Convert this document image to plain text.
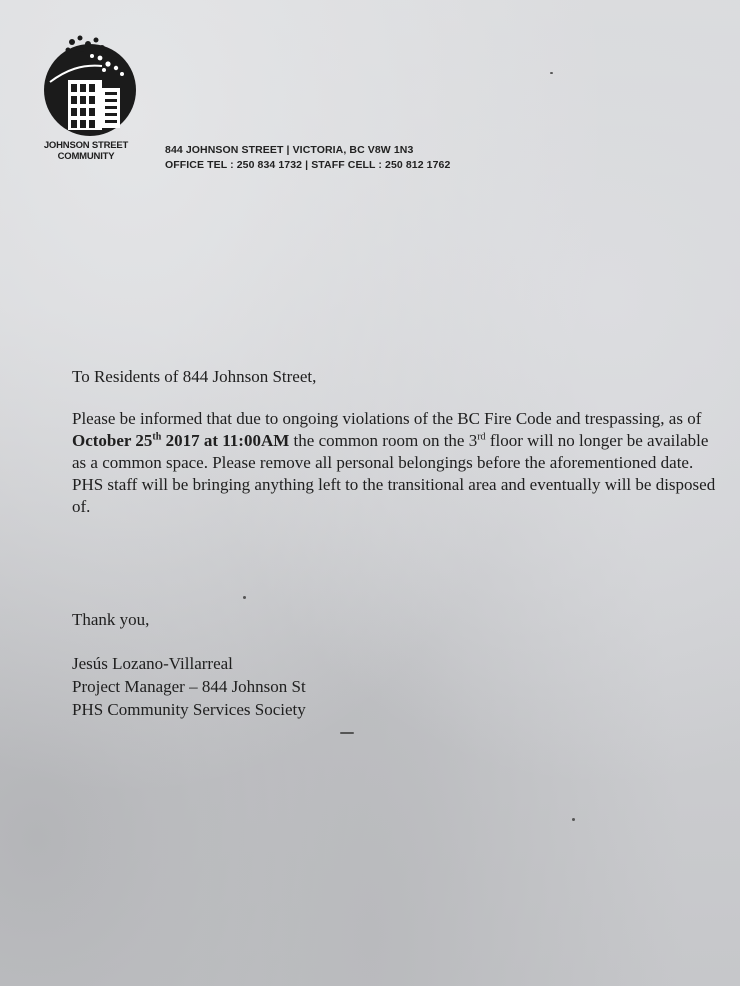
JOHNSON STREET
COMMUNITY
844 JOHNSON STREET | VICTORIA, BC V8W 1N3
OFFICE TEL : 250 834 1732 | STAFF CELL : 250 812 1762

To Residents of 844 Johnson Street,

Please be informed that due to ongoing violations of the BC Fire Code and trespassing, as of October 25th 2017 at 11:00AM the common room on the 3rd floor will no longer be available as a common space. Please remove all personal belongings before the aforementioned date. PHS staff will be bringing anything left to the transitional area and eventually will be disposed of.

Thank you,
Jesús Lozano-Villarreal
Project Manager – 844 Johnson St
PHS Community Services Society
